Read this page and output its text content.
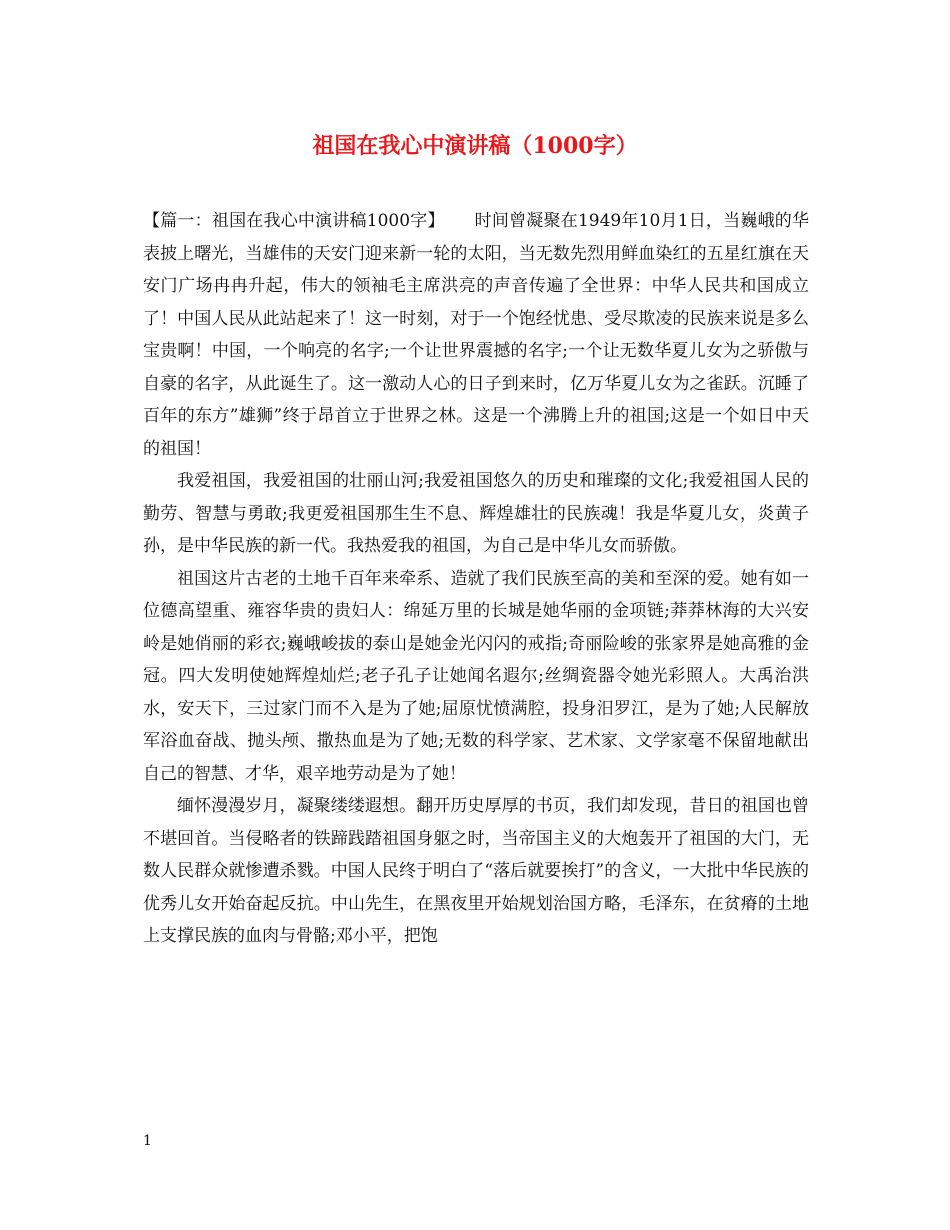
祖国在我心中演讲稿（1000字）

【篇一：祖国在我心中演讲稿1000字】 时间曾凝聚在1949年10月1日，当巍峨的华表披上曙光，当雄伟的天安门迎来新一轮的太阳，当无数先烈用鲜血染红的五星红旗在天安门广场冉冉升起，伟大的领袖毛主席洪亮的声音传遍了全世界：中华人民共和国成立了！中国人民从此站起来了！这一时刻，对于一个饱经忧患、受尽欺凌的民族来说是多么宝贵啊！中国，一个响亮的名字;一个让世界震撼的名字;一个让无数华夏儿女为之骄傲与自豪的名字，从此诞生了。这一激动人心的日子到来时，亿万华夏儿女为之雀跃。沉睡了百年的东方”雄狮”终于昂首立于世界之林。这是一个沸腾上升的祖国;这是一个如日中天的祖国！

我爱祖国，我爱祖国的壮丽山河;我爱祖国悠久的历史和璀璨的文化;我爱祖国人民的勤劳、智慧与勇敢;我更爱祖国那生生不息、辉煌雄壮的民族魂！我是华夏儿女，炎黄子孙，是中华民族的新一代。我热爱我的祖国，为自己是中华儿女而骄傲。

祖国这片古老的土地千百年来牵系、造就了我们民族至高的美和至深的爱。她有如一位德高望重、雍容华贵的贵妇人：绵延万里的长城是她华丽的金项链;莽莽林海的大兴安岭是她俏丽的彩衣;巍峨峻拔的泰山是她金光闪闪的戒指;奇丽险峻的张家界是她高雅的金冠。四大发明使她辉煌灿烂;老子孔子让她闻名遐尔;丝绸瓷器令她光彩照人。大禹治洪水，安天下，三过家门而不入是为了她;屈原忧愤满腔，投身汨罗江，是为了她;人民解放军浴血奋战、抛头颅、撒热血是为了她;无数的科学家、艺术家、文学家毫不保留地献出自己的智慧、才华，艰辛地劳动是为了她！

缅怀漫漫岁月，凝聚缕缕遐想。翻开历史厚厚的书页，我们却发现，昔日的祖国也曾不堪回首。当侵略者的铁蹄践踏祖国身躯之时，当帝国主义的大炮轰开了祖国的大门，无数人民群众就惨遭杀戮。中国人民终于明白了“落后就要挨打”的含义，一大批中华民族的优秀儿女开始奋起反抗。中山先生，在黑夜里开始规划治国方略，毛泽东，在贫瘠的土地上支撑民族的血肉与骨骼;邓小平，把饱

1
